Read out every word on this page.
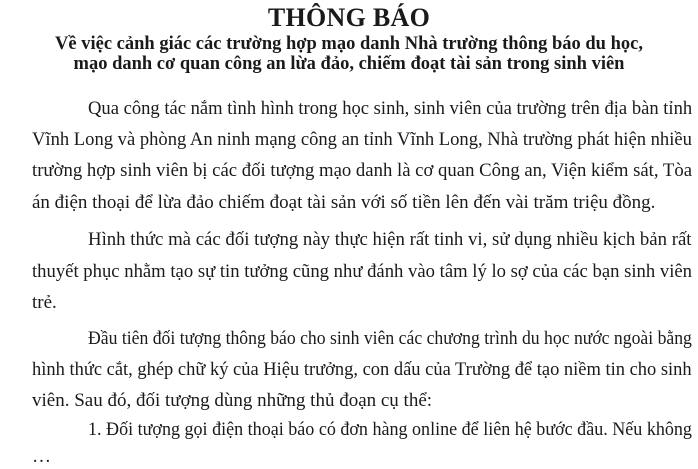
THÔNG BÁO
Về việc cảnh giác các trường hợp mạo danh Nhà trường thông báo du học,
mạo danh cơ quan công an lừa đảo, chiếm đoạt tài sản trong sinh viên
Qua công tác nắm tình hình trong học sinh, sinh viên của trường trên địa bàn tỉnh
Vĩnh Long và phòng An ninh mạng công an tỉnh Vĩnh Long, Nhà trường phát hiện nhiều
trường hợp sinh viên bị các đối tượng mạo danh là cơ quan Công an, Viện kiểm sát, Tòa
án điện thoại để lừa đảo chiếm đoạt tài sản với số tiền lên đến vài trăm triệu đồng.
Hình thức mà các đối tượng này thực hiện rất tinh vi, sử dụng nhiều kịch bản rất
thuyết phục nhằm tạo sự tin tưởng cũng như đánh vào tâm lý lo sợ của các bạn sinh viên
trẻ.
Đầu tiên đối tượng thông báo cho sinh viên các chương trình du học nước ngoài bằng
hình thức cắt, ghép chữ ký của Hiệu trưởng, con dấu của Trường để tạo niềm tin cho sinh
viên. Sau đó, đối tượng dùng những thủ đoạn cụ thể:
1. Đối tượng gọi điện thoại báo có đơn hàng online để liên hệ bước đầu. Nếu không
…
